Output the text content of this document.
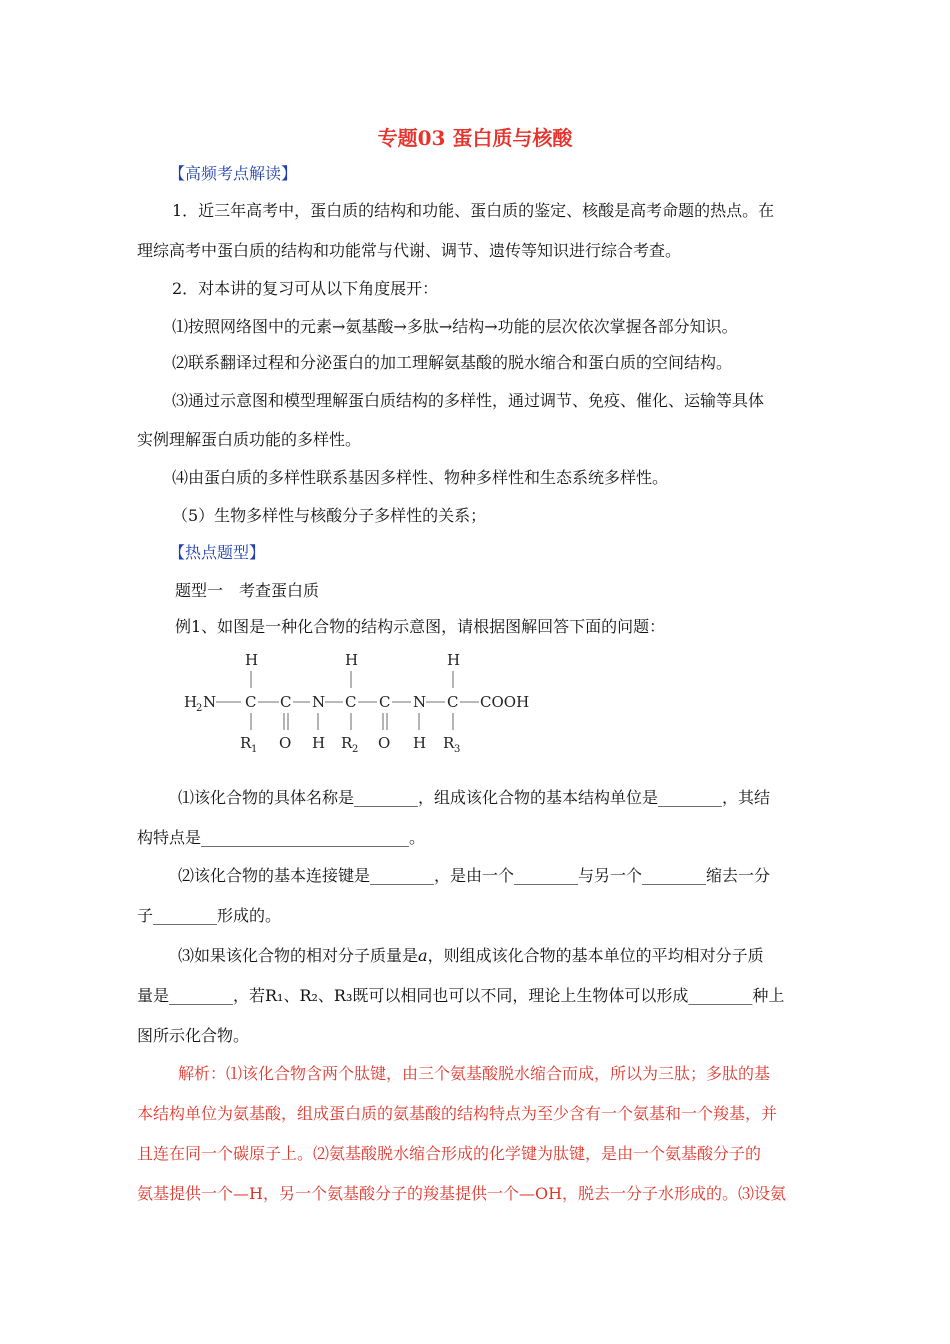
专题03 蛋白质与核酸
【高频考点解读】
1．近三年高考中，蛋白质的结构和功能、蛋白质的鉴定、核酸是高考命题的热点。在
理综高考中蛋白质的结构和功能常与代谢、调节、遗传等知识进行综合考查。
2．对本讲的复习可从以下角度展开：
⑴按照网络图中的元素→氨基酸→多肽→结构→功能的层次依次掌握各部分知识。
⑵联系翻译过程和分泌蛋白的加工理解氨基酸的脱水缩合和蛋白质的空间结构。
⑶通过示意图和模型理解蛋白质结构的多样性，通过调节、免疫、催化、运输等具体
实例理解蛋白质功能的多样性。
⑷由蛋白质的多样性联系基因多样性、物种多样性和生态系统多样性。
（5）生物多样性与核酸分子多样性的关系；
【热点题型】
题型一　考查蛋白质
例1、如图是一种化合物的结构示意图，请根据图解回答下面的问题：
H	H	H
H
2 N C C N C C N C COOH
R 1 O H R 2 O H R 3
⑴该化合物的具体名称是________，组成该化合物的基本结构单位是________，其结
构特点是__________________________。
⑵该化合物的基本连接键是________，是由一个________与另一个________缩去一分
子________形成的。
⑶如果该化合物的相对分子质量是a，则组成该化合物的基本单位的平均相对分子质
量是________，若R₁、R₂、R₃既可以相同也可以不同，理论上生物体可以形成________种上
图所示化合物。
解析：⑴该化合物含两个肽键，由三个氨基酸脱水缩合而成，所以为三肽；多肽的基
本结构单位为氨基酸，组成蛋白质的氨基酸的结构特点为至少含有一个氨基和一个羧基，并
且连在同一个碳原子上。⑵氨基酸脱水缩合形成的化学键为肽键，是由一个氨基酸分子的
氨基提供一个—H，另一个氨基酸分子的羧基提供一个—OH，脱去一分子水形成的。⑶设氨
